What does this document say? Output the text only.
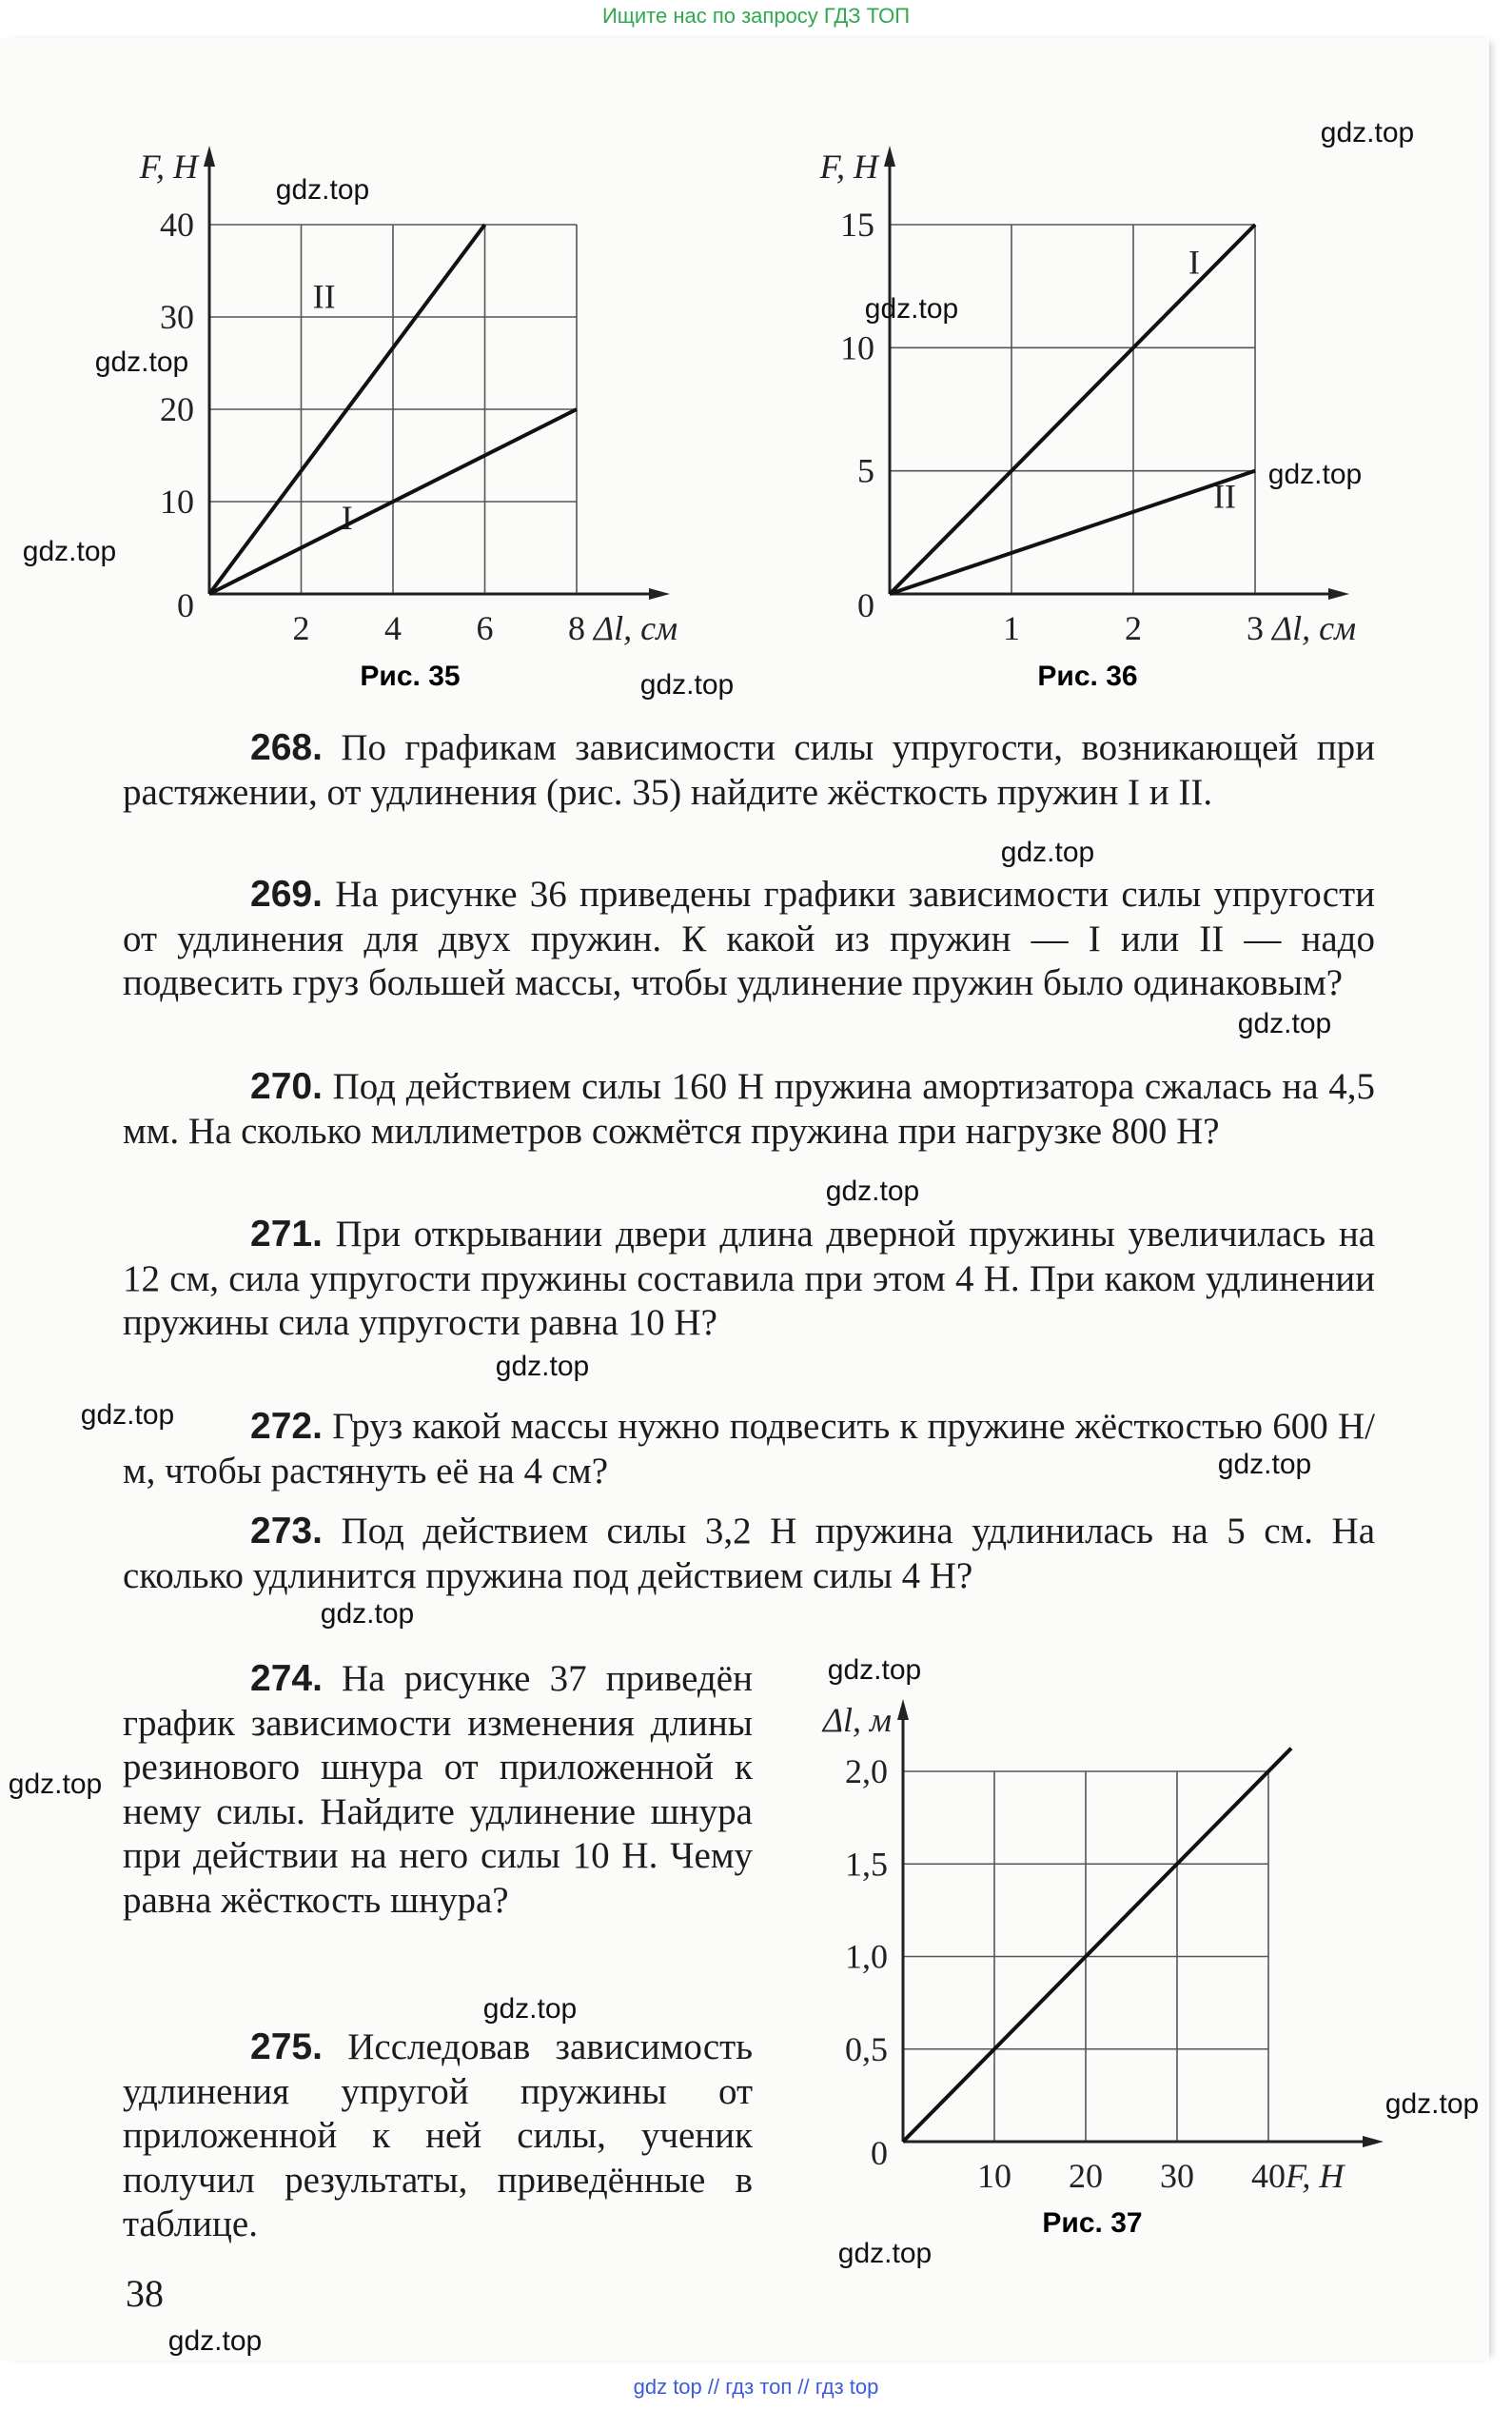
Ищите нас по запросу ГДЗ ТОП
2 4 6 8
10
20
30
40
0
Δl, см
F, Н
I
II
Рис. 35
1	2	3
5
10
15
0
Δl, см
F, Н
I
II
Рис. 36
10 20 30 40
0,5
1,0
1,5
2,0
0
F, Н
Δl, м
Рис. 37
268. По графикам зависимости силы упругости, возникающей при растяжении, от удлинения (рис. 35) найдите жёсткость пружин I и II.
269. На рисунке 36 приведены графики зависимости силы упругости от удлинения для двух пружин. К какой из пружин — I или II — надо подвесить груз большей массы, чтобы удлинение пружин было одинаковым?
270. Под действием силы 160 Н пружина амортизатора сжалась на 4,5 мм. На сколько миллиметров сожмётся пружина при нагрузке 800 Н?
271. При открывании двери длина дверной пружины увеличилась на 12 см, сила упругости пружины составила при этом 4 Н. При каком удлинении пружины сила упругости равна 10 Н?
272. Груз какой массы нужно подвесить к пружине жёсткостью 600 Н/м, чтобы растянуть её на 4 см?
273. Под действием силы 3,2 Н пружина удлинилась на 5 см. На сколько удлинится пружина под действием силы 4 Н?
274. На рисунке 37 приведён график зависимости изменения длины резинового шнура от приложенной к нему силы. Найдите удлинение шнура при действии на него силы 10 Н. Чему равна жёсткость шнура?
275. Исследовав зависимость удлинения упругой пружины от приложенной к ней силы, ученик получил результаты, приведённые в таблице.
38
gdz.top
gdz.top
gdz.top
gdz.top
gdz.top
gdz.top
gdz.top
gdz.top
gdz.top
gdz.top
gdz.top
gdz.top
gdz.top
gdz.top
gdz.top
gdz.top
gdz.top
gdz.top
gdz.top
gdz.top
gdz top // гдз топ // гдз top
